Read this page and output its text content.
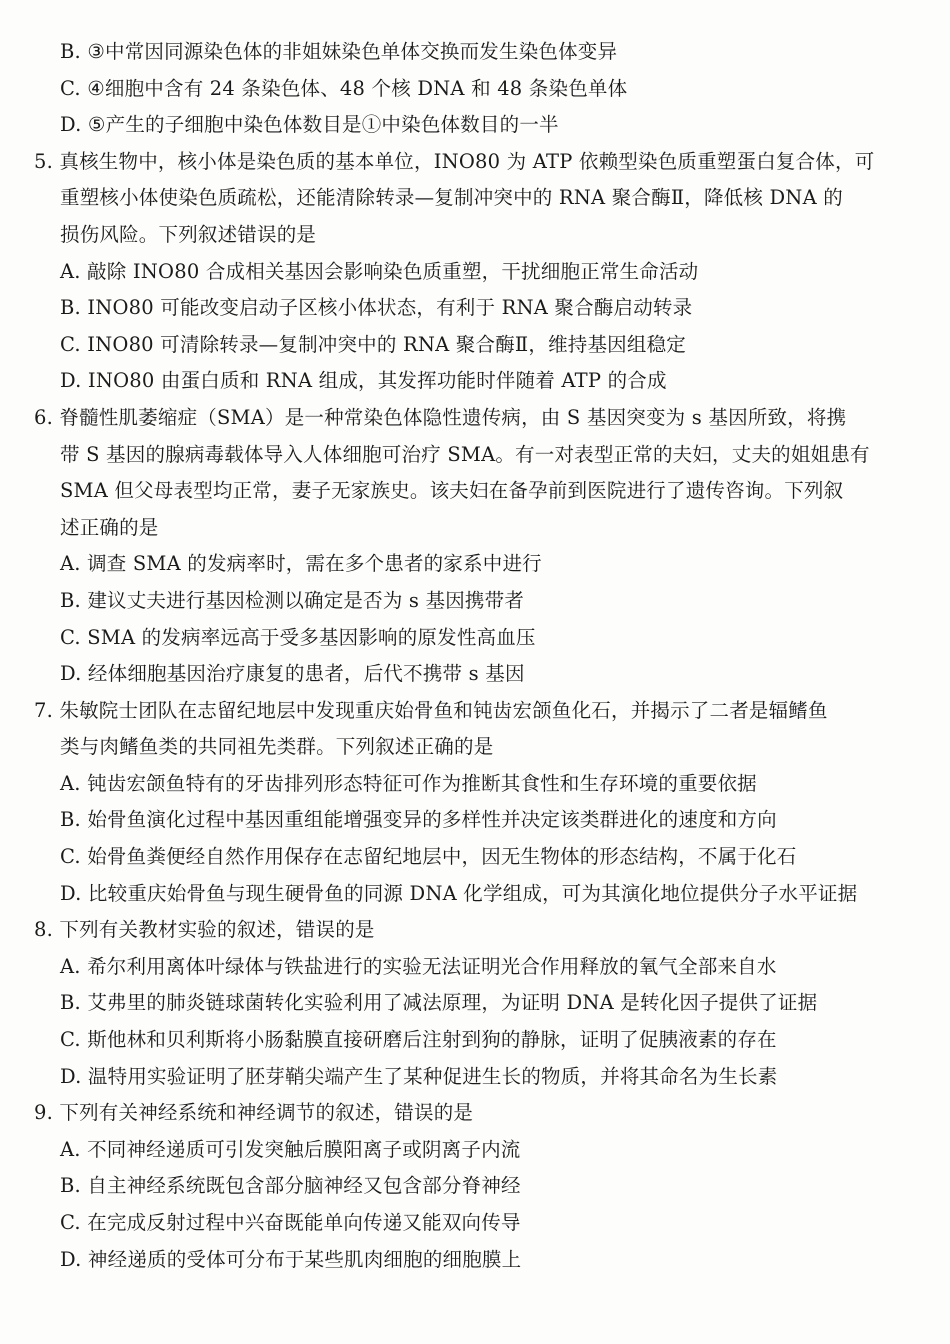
B. ③中常因同源染色体的非姐妹染色单体交换而发生染色体变异
C. ④细胞中含有 24 条染色体、48 个核 DNA 和 48 条染色单体
D. ⑤产生的子细胞中染色体数目是①中染色体数目的一半
5. 真核生物中，核小体是染色质的基本单位，INO80 为 ATP 依赖型染色质重塑蛋白复合体，可
重塑核小体使染色质疏松，还能清除转录—复制冲突中的 RNA 聚合酶Ⅱ，降低核 DNA 的
损伤风险。下列叙述错误的是
A. 敲除 INO80 合成相关基因会影响染色质重塑，干扰细胞正常生命活动
B. INO80 可能改变启动子区核小体状态，有利于 RNA 聚合酶启动转录
C. INO80 可清除转录—复制冲突中的 RNA 聚合酶Ⅱ，维持基因组稳定
D. INO80 由蛋白质和 RNA 组成，其发挥功能时伴随着 ATP 的合成
6. 脊髓性肌萎缩症（SMA）是一种常染色体隐性遗传病，由 S 基因突变为 s 基因所致，将携
带 S 基因的腺病毒载体导入人体细胞可治疗 SMA。有一对表型正常的夫妇，丈夫的姐姐患有
SMA 但父母表型均正常，妻子无家族史。该夫妇在备孕前到医院进行了遗传咨询。下列叙
述正确的是
A. 调查 SMA 的发病率时，需在多个患者的家系中进行
B. 建议丈夫进行基因检测以确定是否为 s 基因携带者
C. SMA 的发病率远高于受多基因影响的原发性高血压
D. 经体细胞基因治疗康复的患者，后代不携带 s 基因
7. 朱敏院士团队在志留纪地层中发现重庆始骨鱼和钝齿宏颌鱼化石，并揭示了二者是辐鳍鱼
类与肉鳍鱼类的共同祖先类群。下列叙述正确的是
A. 钝齿宏颌鱼特有的牙齿排列形态特征可作为推断其食性和生存环境的重要依据
B. 始骨鱼演化过程中基因重组能增强变异的多样性并决定该类群进化的速度和方向
C. 始骨鱼粪便经自然作用保存在志留纪地层中，因无生物体的形态结构，不属于化石
D. 比较重庆始骨鱼与现生硬骨鱼的同源 DNA 化学组成，可为其演化地位提供分子水平证据
8. 下列有关教材实验的叙述，错误的是
A. 希尔利用离体叶绿体与铁盐进行的实验无法证明光合作用释放的氧气全部来自水
B. 艾弗里的肺炎链球菌转化实验利用了减法原理，为证明 DNA 是转化因子提供了证据
C. 斯他林和贝利斯将小肠黏膜直接研磨后注射到狗的静脉，证明了促胰液素的存在
D. 温特用实验证明了胚芽鞘尖端产生了某种促进生长的物质，并将其命名为生长素
9. 下列有关神经系统和神经调节的叙述，错误的是
A. 不同神经递质可引发突触后膜阳离子或阴离子内流
B. 自主神经系统既包含部分脑神经又包含部分脊神经
C. 在完成反射过程中兴奋既能单向传递又能双向传导
D. 神经递质的受体可分布于某些肌肉细胞的细胞膜上
